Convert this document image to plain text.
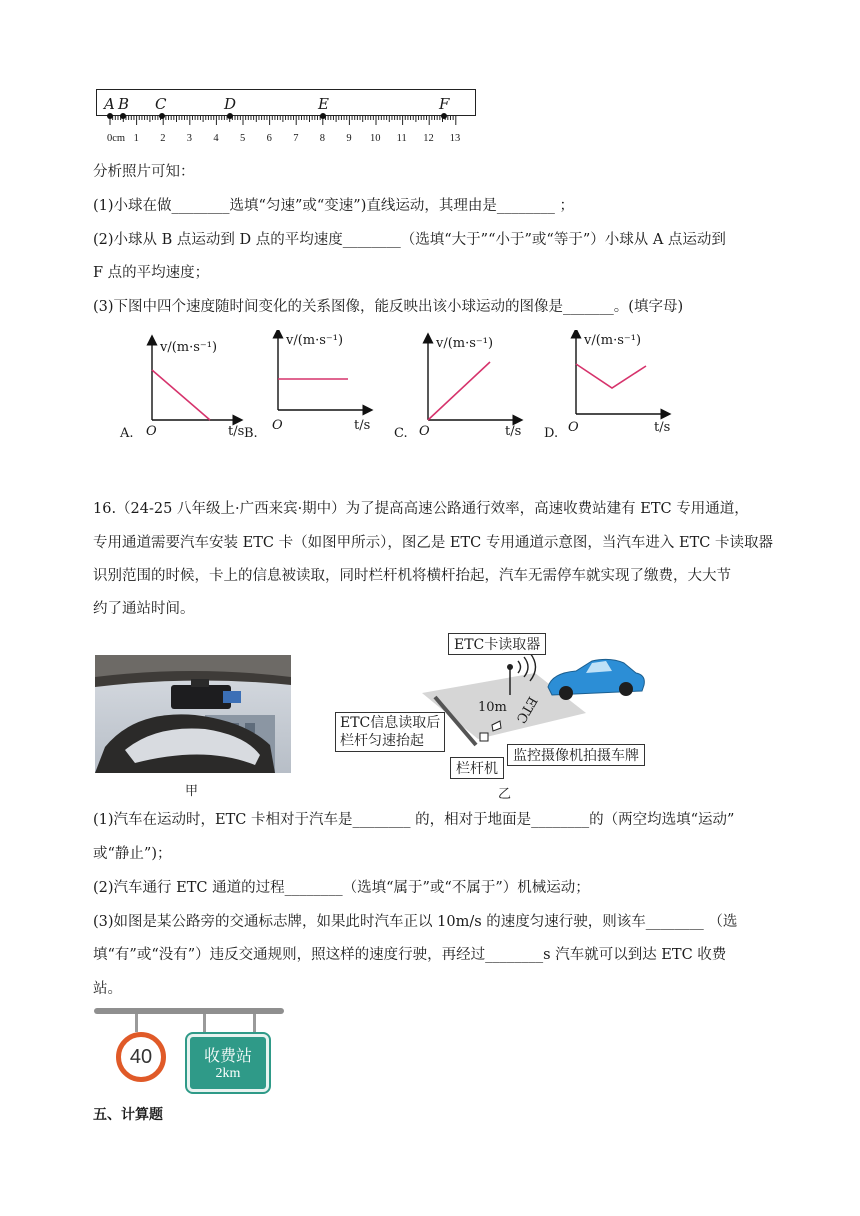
0cm 1 2 3 4 5 6 7 8 9 10 11 12 13
A B C	D	E	F
分析照片可知：
(1)小球在做________选填“匀速”或“变速”)直线运动，其理由是________ ；
(2)小球从 B 点运动到 D 点的平均速度________（选填“大于”“小于”或“等于”）小球从 A 点运动到
F 点的平均速度；
(3)下图中四个速度随时间变化的关系图像，能反映出该小球运动的图像是_______。(填字母)
v/(m·s⁻¹)	v/(m·s⁻¹)	v/(m·s⁻¹)	v/(m·s⁻¹)
O	O	O	O
t/s	t/s	t/s	t/s
A.	B.	C.	D.
16.（24-25 八年级上·广西来宾·期中）为了提高高速公路通行效率，高速收费站建有 ETC 专用通道，
专用通道需要汽车安装 ETC 卡（如图甲所示），图乙是 ETC 专用通道示意图，当汽车进入 ETC 卡读取器
识别范围的时候，卡上的信息被读取，同时栏杆机将横杆抬起，汽车无需停车就实现了缴费，大大节
约了通站时间。
ETC卡读取器
10m ETC
ETC信息读取后
栏杆匀速抬起
监控摄像机拍摄车牌
栏杆机
甲	乙
(1)汽车在运动时，ETC 卡相对于汽车是________ 的，相对于地面是________的（两空均选填“运动”
或“静止”)；
(2)汽车通行 ETC 通道的过程________（选填“属于”或“不属于”）机械运动；
(3)如图是某公路旁的交通标志牌，如果此时汽车正以 10m/s 的速度匀速行驶，则该车________ （选
填“有”或“没有”）违反交通规则，照这样的速度行驶，再经过________s 汽车就可以到达 ETC 收费
站。
40	收费站
2km
五、计算题
